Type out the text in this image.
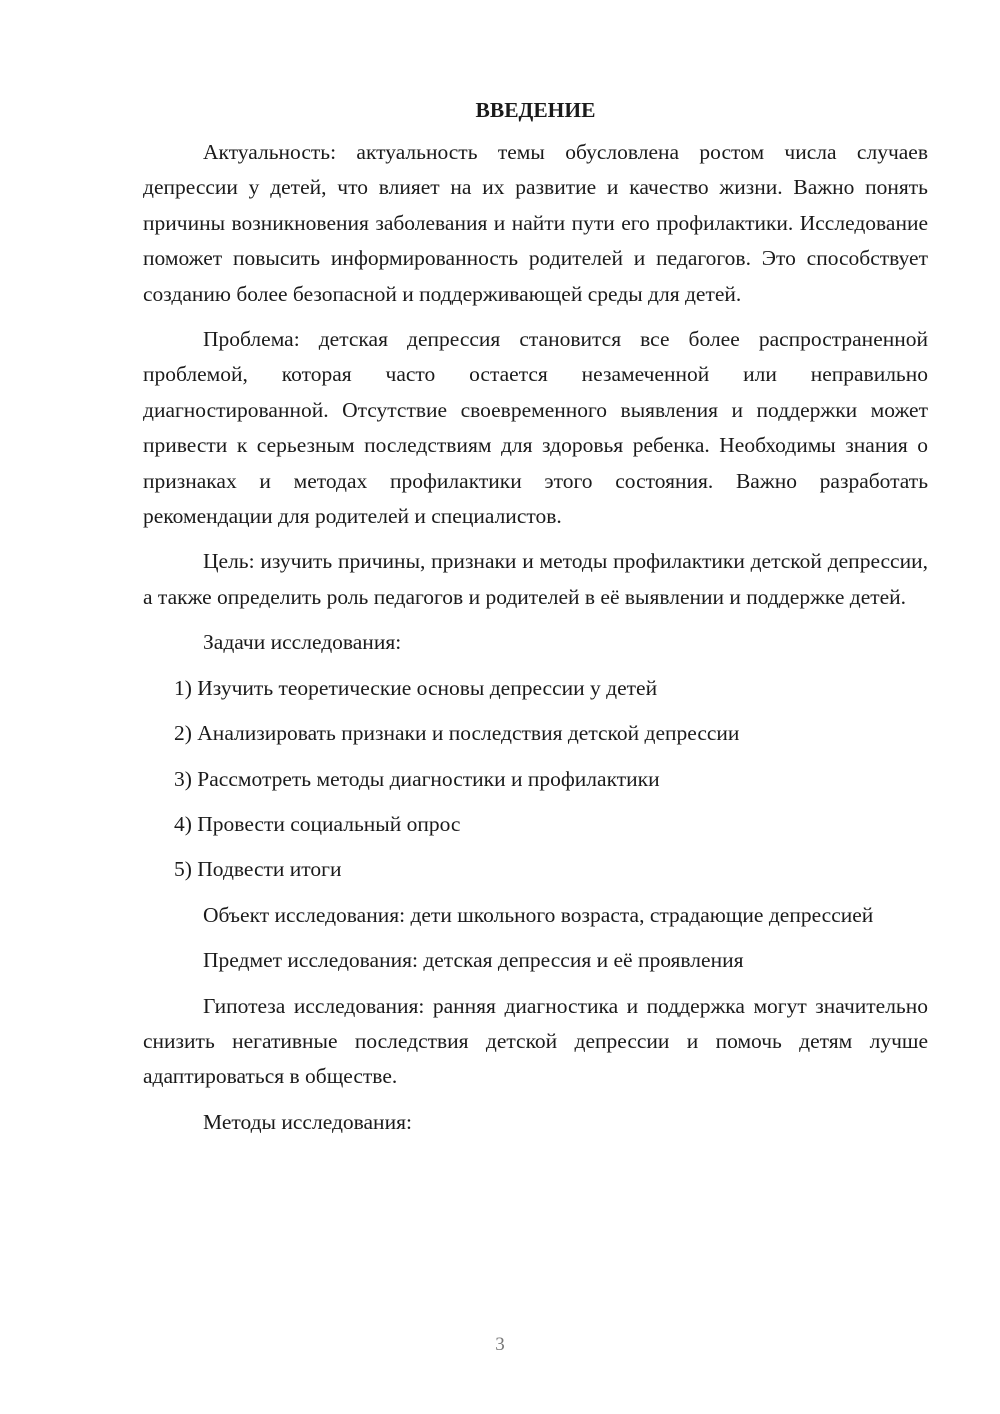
ВВЕДЕНИЕ

Актуальность: актуальность темы обусловлена ростом числа случаев депрессии у детей, что влияет на их развитие и качество жизни. Важно понять причины возникновения заболевания и найти пути его профилактики. Исследование поможет повысить информированность родителей и педагогов. Это способствует созданию более безопасной и поддерживающей среды для детей.

Проблема: детская депрессия становится все более распространенной проблемой, которая часто остается незамеченной или неправильно диагностированной. Отсутствие своевременного выявления и поддержки может привести к серьезным последствиям для здоровья ребенка. Необходимы знания о признаках и методах профилактики этого состояния. Важно разработать рекомендации для родителей и специалистов.

Цель: изучить причины, признаки и методы профилактики детской депрессии, а также определить роль педагогов и родителей в её выявлении и поддержке детей.

Задачи исследования:
1) Изучить теоретические основы депрессии у детей
2) Анализировать признаки и последствия детской депрессии
3) Рассмотреть методы диагностики и профилактики
4) Провести социальный опрос
5) Подвести итоги

Объект исследования: дети школьного возраста, страдающие депрессией

Предмет исследования: детская депрессия и её проявления

Гипотеза исследования: ранняя диагностика и поддержка могут значительно снизить негативные последствия детской депрессии и помочь детям лучше адаптироваться в обществе.

Методы исследования:
3
